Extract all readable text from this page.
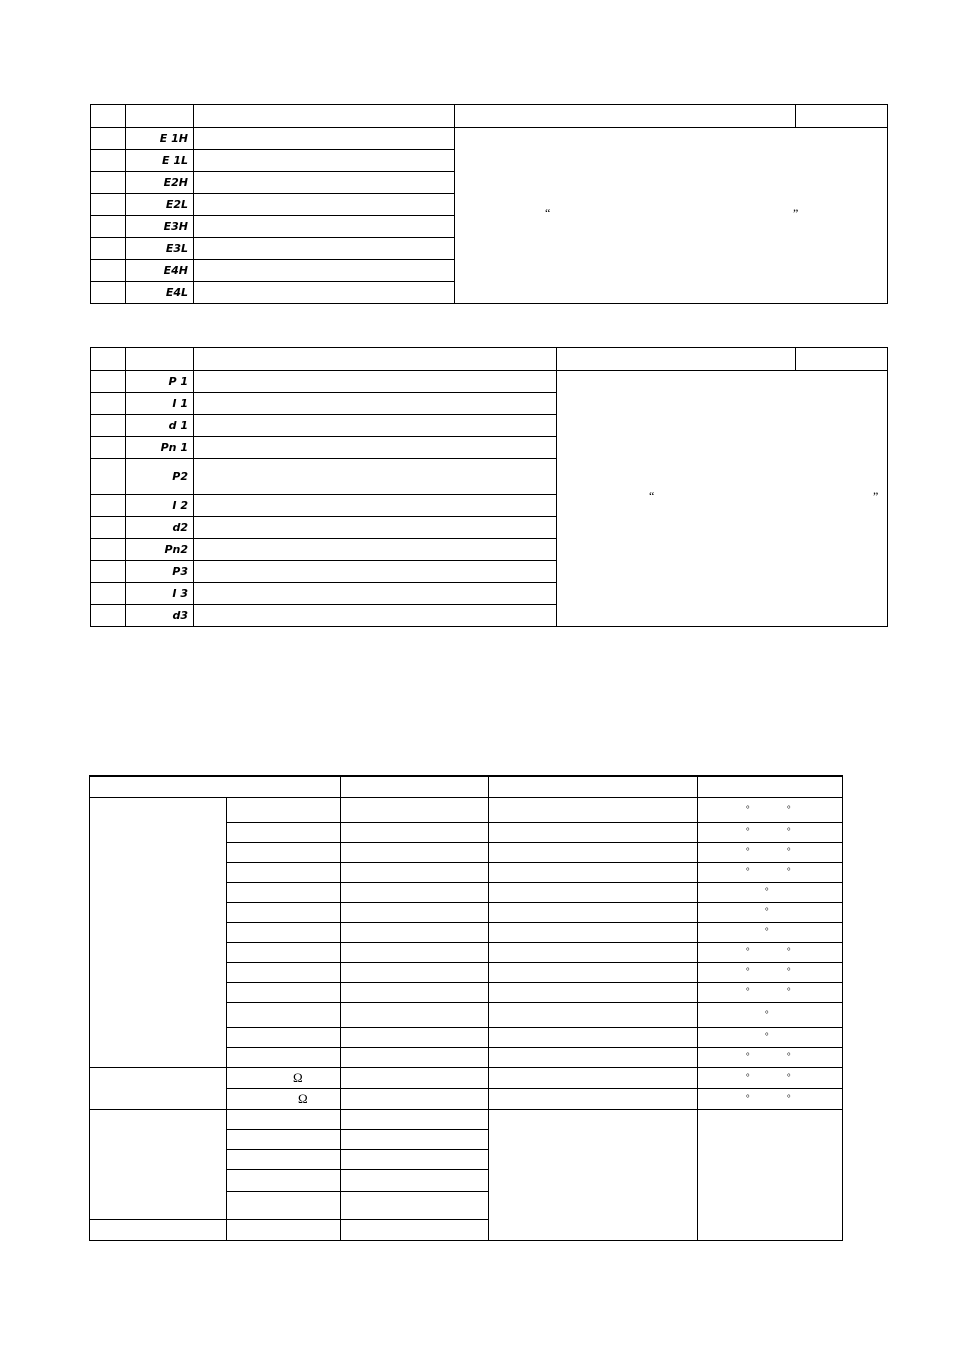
	E 1H		“ ”	

	E 1L			
	E2H			
	E2L			
	E3H			
	E3L			
	E4H			
	E4L			

	P 1		“ ”	

	I 1			
	d 1			
	Pn 1			
	P2			
	I 2			
	d2			
	Pn2			
	P3			
	I 3			
	d3			

				° °

				° °

				° °

				° °

				°

				°

				°

				° °

				° °

				° °

				°

				°

				° °

	Ω			° °

	Ω			° °
